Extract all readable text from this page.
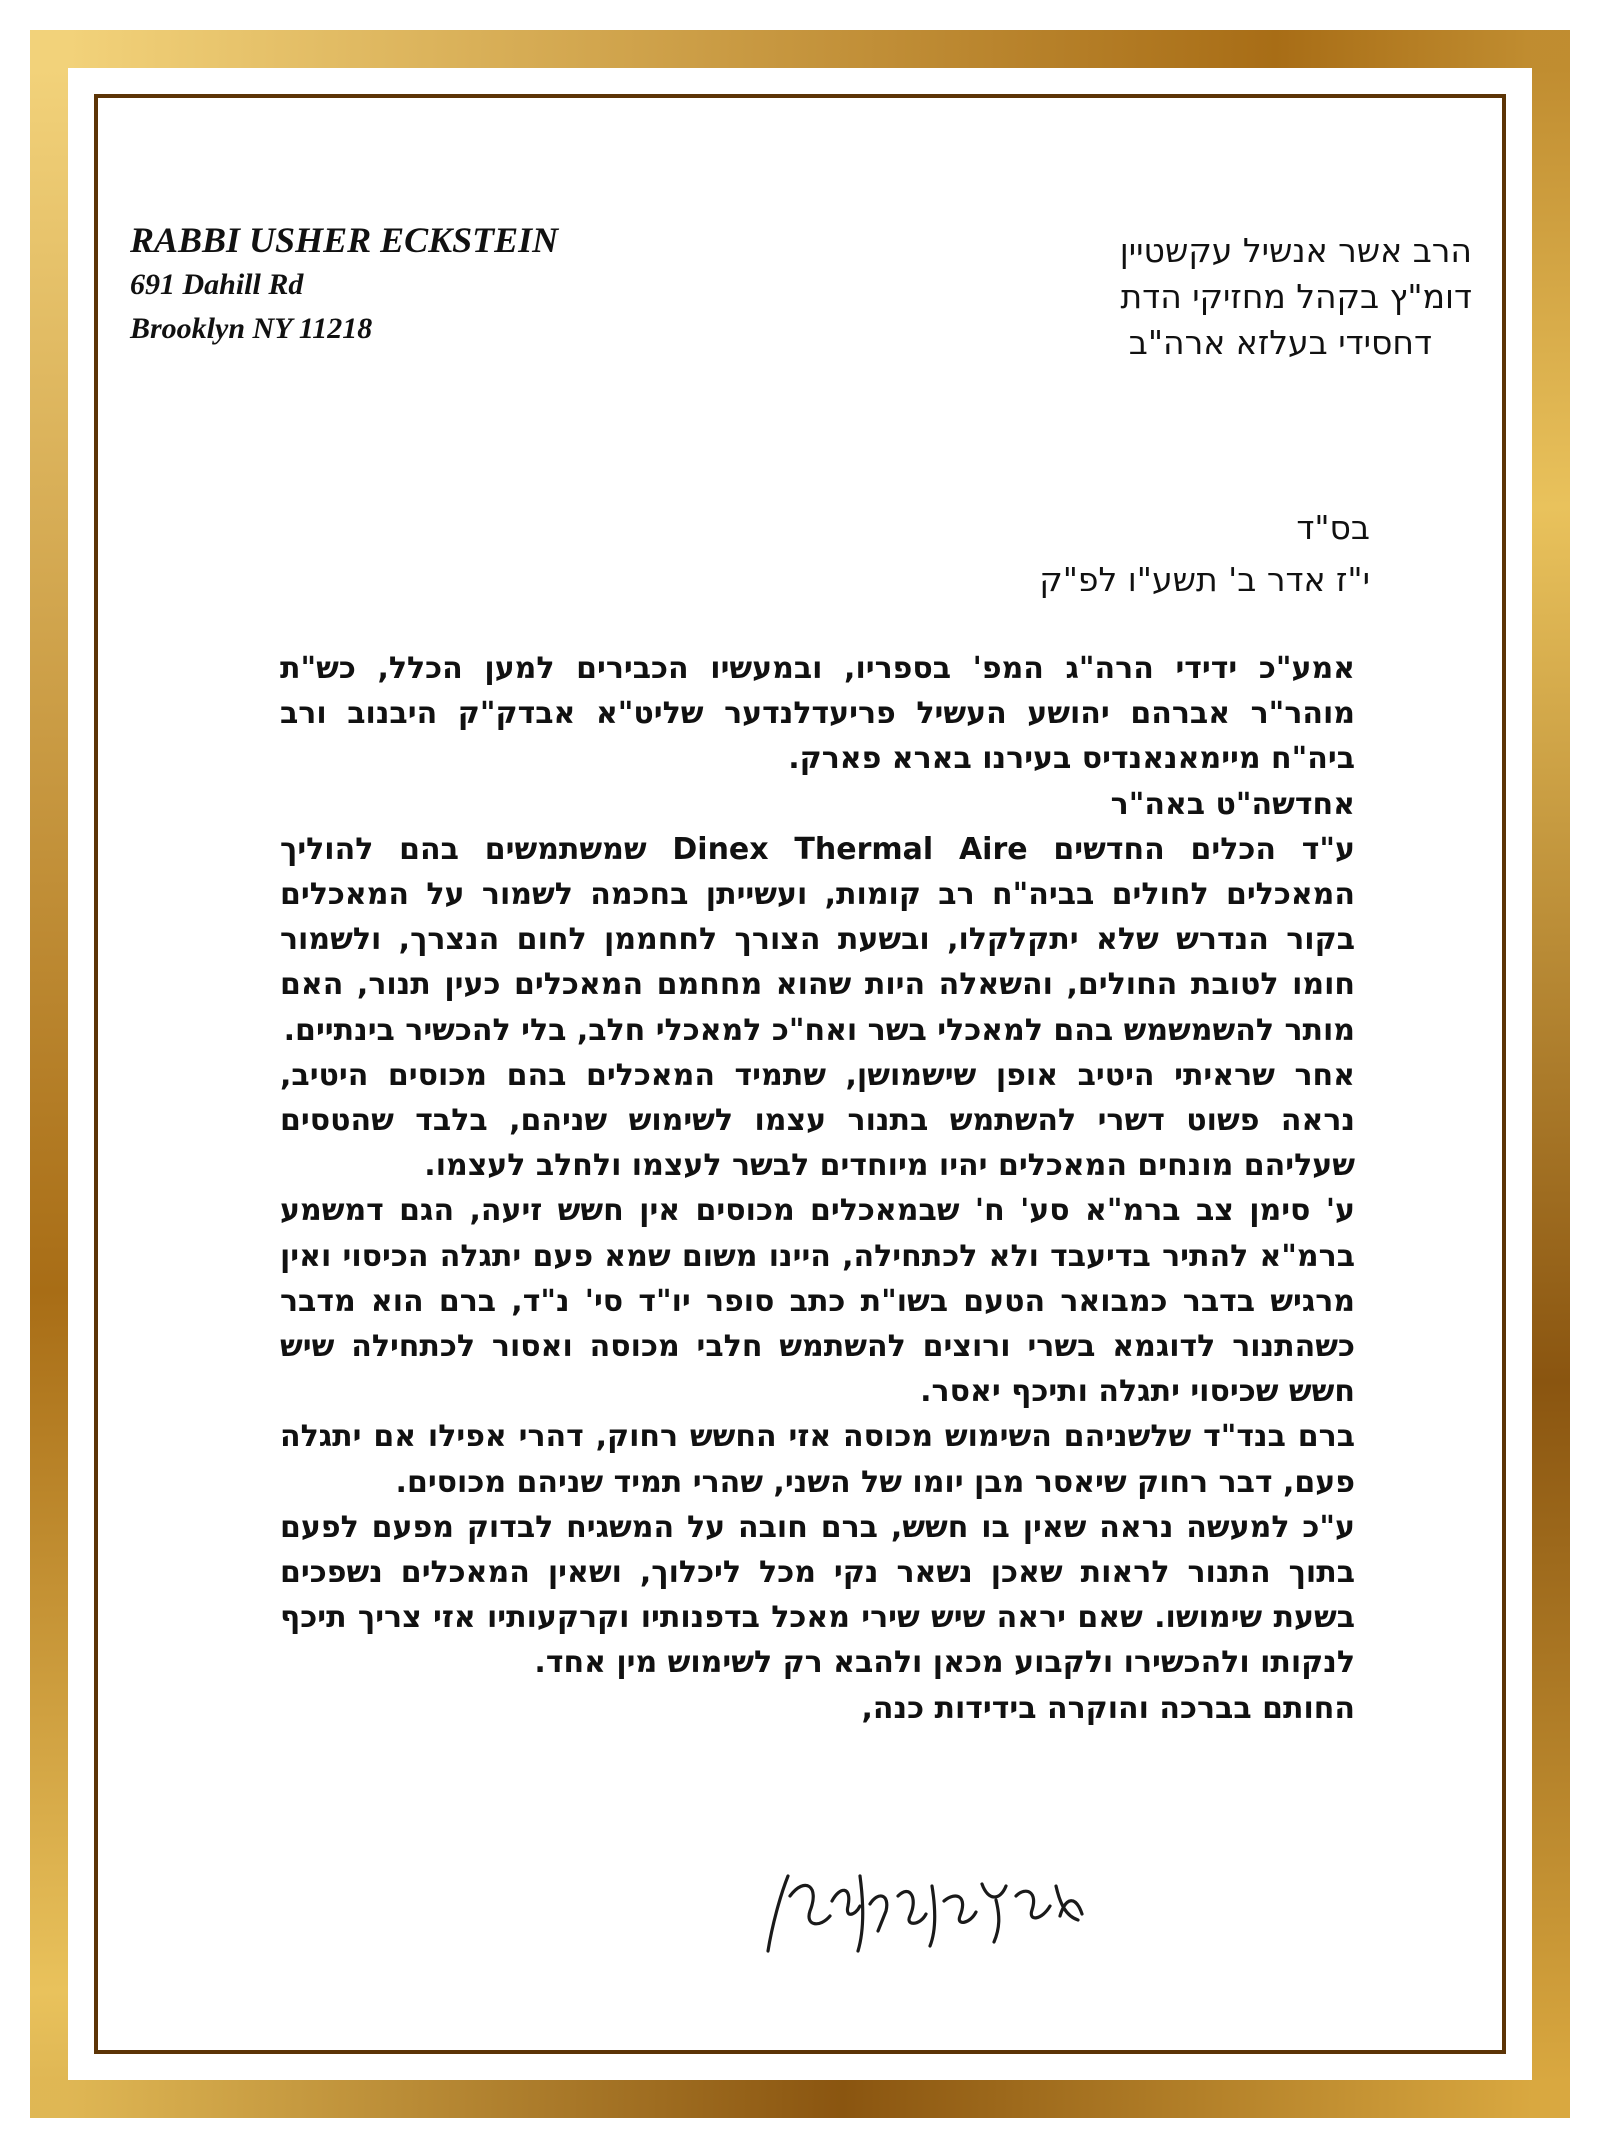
RABBI USHER ECKSTEIN
691 Dahill Rd
Brooklyn NY 11218
הרב אשר אנשיל עקשטיין
דומ"ץ בקהל מחזיקי הדת
דחסידי בעלזא ארה"ב
בס"ד
י"ז אדר ב' תשע"ו לפ"ק

אמע"כ ידידי הרה"ג המפ' בספריו, ובמעשיו הכבירים למען הכלל, כש"ת מוהר"ר אברהם יהושע העשיל פריעדלנדער שליט"א אבדק"ק היבנוב ורב ביה"ח מיימאנאנדיס בעירנו בארא פארק.

אחדשה"ט באה"ר

ע"ד הכלים החדשים Dinex Thermal Aire שמשתמשים בהם להוליך המאכלים לחולים בביה"ח רב קומות, ועשייתן בחכמה לשמור על המאכלים בקור הנדרש שלא יתקלקלו, ובשעת הצורך לחחממן לחום הנצרך, ולשמור חומו לטובת החולים, והשאלה היות שהוא מחחמם המאכלים כעין תנור, האם מותר להשמשמש בהם למאכלי בשר ואח"כ למאכלי חלב, בלי להכשיר בינתיים.

אחר שראיתי היטיב אופן שישמושן, שתמיד המאכלים בהם מכוסים היטיב, נראה פשוט דשרי להשתמש בתנור עצמו לשימוש שניהם, בלבד שהטסים שעליהם מונחים המאכלים יהיו מיוחדים לבשר לעצמו ולחלב לעצמו.

ע' סימן צב ברמ"א סע' ח' שבמאכלים מכוסים אין חשש זיעה, הגם דמשמע ברמ"א להתיר בדיעבד ולא לכתחילה, היינו משום שמא פעם יתגלה הכיסוי ואין מרגיש בדבר כמבואר הטעם בשו"ת כתב סופר יו"ד סי' נ"ד, ברם הוא מדבר כשהתנור לדוגמא בשרי ורוצים להשתמש חלבי מכוסה ואסור לכתחילה שיש חשש שכיסוי יתגלה ותיכף יאסר.

ברם בנד"ד שלשניהם השימוש מכוסה אזי החשש רחוק, דהרי אפילו אם יתגלה פעם, דבר רחוק שיאסר מבן יומו של השני, שהרי תמיד שניהם מכוסים.

ע"כ למעשה נראה שאין בו חשש, ברם חובה על המשגיח לבדוק מפעם לפעם בתוך התנור לראות שאכן נשאר נקי מכל ליכלוך, ושאין המאכלים נשפכים בשעת שימושו. שאם יראה שיש שירי מאכל בדפנותיו וקרקעותיו אזי צריך תיכף לנקותו ולהכשירו ולקבוע מכאן ולהבא רק לשימוש מין אחד.

החותם בברכה והוקרה בידידות כנה,
